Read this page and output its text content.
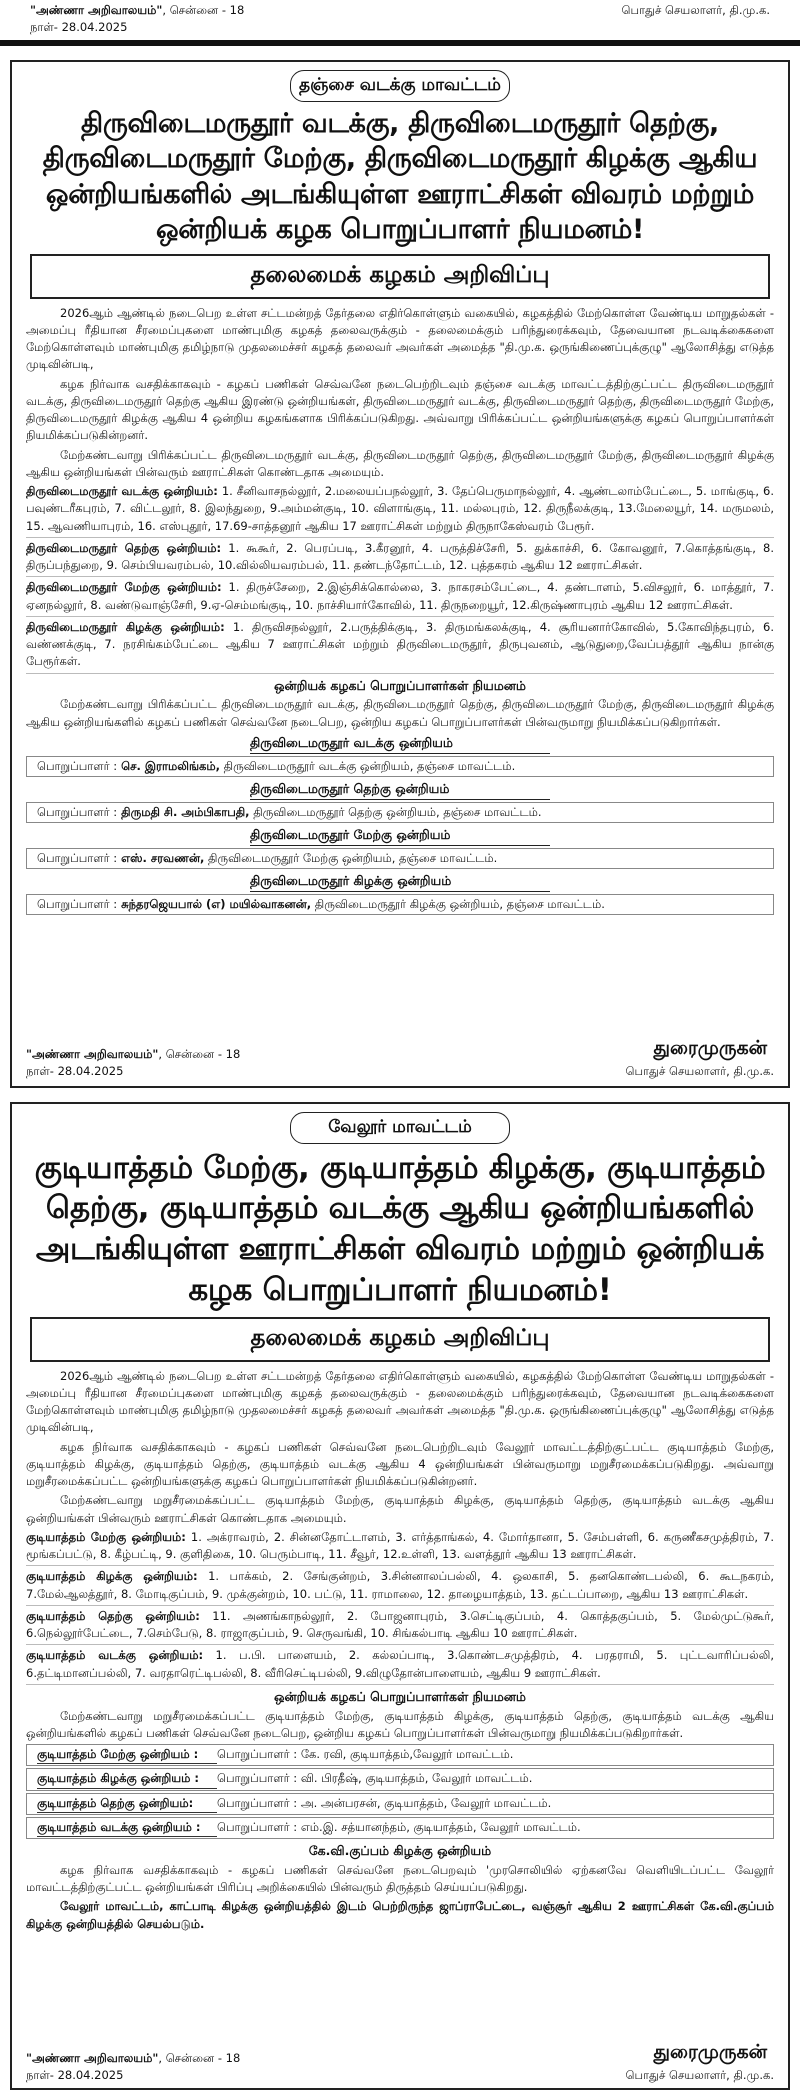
"அண்ணா அறிவாலயம்", சென்னை - 18	பொதுச் செயலாளர், தி.மு.க.
நாள்- 28.04.2025
தஞ்சை வடக்கு மாவட்டம்
திருவிடைமருதூர் வடக்கு, திருவிடைமருதூர் தெற்கு, திருவிடைமருதூர் மேற்கு, திருவிடைமருதூர் கிழக்கு ஆகிய ஒன்றியங்களில் அடங்கியுள்ள ஊராட்சிகள் விவரம் மற்றும் ஒன்றியக் கழக பொறுப்பாளர் நியமனம்!
தலைமைக் கழகம் அறிவிப்பு

2026ஆம் ஆண்டில் நடைபெற உள்ள சட்டமன்றத் தேர்தலை எதிர்கொள்ளும் வகையில், கழகத்தில் மேற்கொள்ள வேண்டிய மாறுதல்கள் - அமைப்பு ரீதியான சீரமைப்புகளை மாண்புமிகு கழகத் தலைவருக்கும் - தலைமைக்கும் பரிந்துரைக்கவும், தேவையான நடவடிக்கைகளை மேற்கொள்ளவும் மாண்புமிகு தமிழ்நாடு முதலமைச்சர் கழகத் தலைவர் அவர்கள் அமைத்த "தி.மு.க. ஒருங்கிணைப்புக்குழு" ஆலோசித்து எடுத்த முடிவின்படி,

கழக நிர்வாக வசதிக்காகவும் - கழகப் பணிகள் செவ்வனே நடைபெற்றிடவும் தஞ்சை வடக்கு மாவட்டத்திற்குட்பட்ட திருவிடைமருதூர் வடக்கு, திருவிடைமருதூர் தெற்கு ஆகிய இரண்டு ஒன்றியங்கள், திருவிடைமருதூர் வடக்கு, திருவிடைமருதூர் தெற்கு, திருவிடைமருதூர் மேற்கு, திருவிடைமருதூர் கிழக்கு ஆகிய 4 ஒன்றிய கழகங்களாக பிரிக்கப்படுகிறது. அவ்வாறு பிரிக்கப்பட்ட ஒன்றியங்களுக்கு கழகப் பொறுப்பாளர்கள் நியமிக்கப்படுகின்றனர்.

மேற்கண்டவாறு பிரிக்கப்பட்ட திருவிடைமருதூர் வடக்கு, திருவிடைமருதூர் தெற்கு, திருவிடைமருதூர் மேற்கு, திருவிடைமருதூர் கிழக்கு ஆகிய ஒன்றியங்கள் பின்வரும் ஊராட்சிகள் கொண்டதாக அமையும்.

திருவிடைமருதூர் வடக்கு ஒன்றியம்: 1. சீனிவாசநல்லூர், 2.மலையப்பநல்லூர், 3. தேப்பெருமாநல்லூர், 4. ஆண்டலாம்பேட்டை, 5. மாங்குடி, 6. பவுண்டரீகபுரம், 7. விட்டலூர், 8. இலந்துறை, 9.அம்மன்குடி, 10. விளாங்குடி, 11. மல்லபுரம், 12. திருநீலக்குடி, 13.மேலையூர், 14. மருமலம், 15. ஆவணியாபுரம், 16. எஸ்புதூர், 17.69-சாத்தனூர் ஆகிய 17 ஊராட்சிகள் மற்றும் திருநாகேஸ்வரம் பேரூர்.
திருவிடைமருதூர் தெற்கு ஒன்றியம்: 1. கூகூர், 2. பெரப்படி, 3.கீரனூர், 4. பருத்திச்சேரி, 5. துக்காச்சி, 6. கோவனூர், 7.கொத்தங்குடி, 8. திருப்பந்துறை, 9. செம்பியவரம்பல், 10.வில்லியவரம்பல், 11. தண்டந்தோட்டம், 12. புத்தகரம் ஆகிய 12 ஊராட்சிகள்.
திருவிடைமருதூர் மேற்கு ஒன்றியம்: 1. திருச்சேறை, 2.இஞ்சிக்கொல்லை, 3. நாகரசம்பேட்டை, 4. தண்டாளம், 5.விசலூர், 6. மாத்தூர், 7. ஏனநல்லூர், 8. வண்டுவாஞ்சேரி, 9.ஏ-செம்மங்குடி, 10. நாச்சியார்கோவில், 11. திருநறையூர், 12.கிருஷ்ணாபுரம் ஆகிய 12 ஊராட்சிகள்.
திருவிடைமருதூர் கிழக்கு ஒன்றியம்: 1. திருவிசநல்லூர், 2.பருத்திக்குடி, 3. திருமங்கலக்குடி, 4. சூரியனார்கோவில், 5.கோவிந்தபுரம், 6. வண்ணக்குடி, 7. நரசிங்கம்பேட்டை ஆகிய 7 ஊராட்சிகள் மற்றும் திருவிடைமருதூர், திருபுவனம், ஆடுதுறை,வேப்பத்தூர் ஆகிய நான்கு பேரூர்கள்.
ஒன்றியக் கழகப் பொறுப்பாளர்கள் நியமனம்

மேற்கண்டவாறு பிரிக்கப்பட்ட திருவிடைமருதூர் வடக்கு, திருவிடைமருதூர் தெற்கு, திருவிடைமருதூர் மேற்கு, திருவிடைமருதூர் கிழக்கு ஆகிய ஒன்றியங்களில் கழகப் பணிகள் செவ்வனே நடைபெற, ஒன்றிய கழகப் பொறுப்பாளர்கள் பின்வருமாறு நியமிக்கப்படுகிறார்கள்.

திருவிடைமருதூர் வடக்கு ஒன்றியம்
பொறுப்பாளர் : செ. இராமலிங்கம், திருவிடைமருதூர் வடக்கு ஒன்றியம், தஞ்சை மாவட்டம்.
திருவிடைமருதூர் தெற்கு ஒன்றியம்
பொறுப்பாளர் : திருமதி சி. அம்பிகாபதி, திருவிடைமருதூர் தெற்கு ஒன்றியம், தஞ்சை மாவட்டம்.
திருவிடைமருதூர் மேற்கு ஒன்றியம்
பொறுப்பாளர் : எஸ். சரவணன், திருவிடைமருதூர் மேற்கு ஒன்றியம், தஞ்சை மாவட்டம்.
திருவிடைமருதூர் கிழக்கு ஒன்றியம்
பொறுப்பாளர் : சுந்தரஜெயபால் (எ) மயில்வாகனன், திருவிடைமருதூர் கிழக்கு ஒன்றியம், தஞ்சை மாவட்டம்.
"அண்ணா அறிவாலயம்", சென்னை - 18
நாள்- 28.04.2025
துரைமுருகன்
பொதுச் செயலாளர், தி.மு.க.
வேலூர் மாவட்டம்
குடியாத்தம் மேற்கு, குடியாத்தம் கிழக்கு, குடியாத்தம் தெற்கு, குடியாத்தம் வடக்கு ஆகிய ஒன்றியங்களில் அடங்கியுள்ள ஊராட்சிகள் விவரம் மற்றும் ஒன்றியக் கழக பொறுப்பாளர் நியமனம்!
தலைமைக் கழகம் அறிவிப்பு

2026ஆம் ஆண்டில் நடைபெற உள்ள சட்டமன்றத் தேர்தலை எதிர்கொள்ளும் வகையில், கழகத்தில் மேற்கொள்ள வேண்டிய மாறுதல்கள் - அமைப்பு ரீதியான சீரமைப்புகளை மாண்புமிகு கழகத் தலைவருக்கும் - தலைமைக்கும் பரிந்துரைக்கவும், தேவையான நடவடிக்கைகளை மேற்கொள்ளவும் மாண்புமிகு தமிழ்நாடு முதலமைச்சர் கழகத் தலைவர் அவர்கள் அமைத்த "தி.மு.க. ஒருங்கிணைப்புக்குழு" ஆலோசித்து எடுத்த முடிவின்படி,

கழக நிர்வாக வசதிக்காகவும் - கழகப் பணிகள் செவ்வனே நடைபெற்றிடவும் வேலூர் மாவட்டத்திற்குட்பட்ட குடியாத்தம் மேற்கு, குடியாத்தம் கிழக்கு, குடியாத்தம் தெற்கு, குடியாத்தம் வடக்கு ஆகிய 4 ஒன்றியங்கள் பின்வருமாறு மறுசீரமைக்கப்படுகிறது. அவ்வாறு மறுசீரமைக்கப்பட்ட ஒன்றியங்களுக்கு கழகப் பொறுப்பாளர்கள் நியமிக்கப்படுகின்றனர்.

மேற்கண்டவாறு மறுசீரமைக்கப்பட்ட குடியாத்தம் மேற்கு, குடியாத்தம் கிழக்கு, குடியாத்தம் தெற்கு, குடியாத்தம் வடக்கு ஆகிய ஒன்றியங்கள் பின்வரும் ஊராட்சிகள் கொண்டதாக அமையும்.

குடியாத்தம் மேற்கு ஒன்றியம்: 1. அக்ராவரம், 2. சின்னதோட்டாளம், 3. எர்த்தாங்கல், 4. மோர்தானா, 5. சேம்பள்ளி, 6. கருணீகசமுத்திரம், 7. மூங்கப்பட்டு, 8. கீழ்பட்டி, 9. குளிதிகை, 10. பெரும்பாடி, 11. சீவூர், 12.உள்ளி, 13. வளத்தூர் ஆகிய 13 ஊராட்சிகள்.
குடியாத்தம் கிழக்கு ஒன்றியம்: 1. பாக்கம், 2. சேங்குன்றம், 3.சின்னாலப்பல்லி, 4. ஒலகாசி, 5. தனகொண்டபல்லி, 6. கூடநகரம், 7.மேல்ஆலத்தூர், 8. மோடிகுப்பம், 9. முக்குன்றம், 10. பட்டு, 11. ராமாலை, 12. தாழையாத்தம், 13. தட்டப்பாறை, ஆகிய 13 ஊராட்சிகள்.
குடியாத்தம் தெற்கு ஒன்றியம்: 11. அணங்காநல்லூர், 2. போஜனாபுரம், 3.செட்டிகுப்பம், 4. கொத்தகுப்பம், 5. மேல்முட்டுகூர், 6.நெல்லூர்பேட்டை, 7.செம்பேடு, 8. ராஜாகுப்பம், 9. செருவங்கி, 10. சிங்கல்பாடி ஆகிய 10 ஊராட்சிகள்.
குடியாத்தம் வடக்கு ஒன்றியம்: 1. ப.பி. பாளையம், 2. கல்லப்பாடி, 3.கொண்டசமுத்திரம், 4. பரதராமி, 5. புட்டவாரிப்பல்லி, 6.தட்டிமானப்பல்லி, 7. வரதாரெட்டிபல்லி, 8. வீரிசெட்டிபல்லி, 9.விழுதோன்பாளையம், ஆகிய 9 ஊராட்சிகள்.
ஒன்றியக் கழகப் பொறுப்பாளர்கள் நியமனம்

மேற்கண்டவாறு மறுசீரமைக்கப்பட்ட குடியாத்தம் மேற்கு, குடியாத்தம் கிழக்கு, குடியாத்தம் தெற்கு, குடியாத்தம் வடக்கு ஆகிய ஒன்றியங்களில் கழகப் பணிகள் செவ்வனே நடைபெற, ஒன்றிய கழகப் பொறுப்பாளர்கள் பின்வருமாறு நியமிக்கப்படுகிறார்கள்.

குடியாத்தம் மேற்கு ஒன்றியம் :	பொறுப்பாளர் : கே. ரவி, குடியாத்தம்,வேலூர் மாவட்டம்.
குடியாத்தம் கிழக்கு ஒன்றியம் :	பொறுப்பாளர் : வி. பிரதீஷ், குடியாத்தம், வேலூர் மாவட்டம்.
குடியாத்தம் தெற்கு ஒன்றியம்:	பொறுப்பாளர் : அ. அன்பரசன், குடியாத்தம், வேலூர் மாவட்டம்.
குடியாத்தம் வடக்கு ஒன்றியம் :	பொறுப்பாளர் : எம்.இ. சத்யானந்தம், குடியாத்தம், வேலூர் மாவட்டம்.
கே.வி.குப்பம் கிழக்கு ஒன்றியம்

கழக நிர்வாக வசதிக்காகவும் - கழகப் பணிகள் செவ்வனே நடைபெறவும் 'முரசொலியில் ஏற்கனவே வெளியிடப்பட்ட வேலூர் மாவட்டத்திற்குட்பட்ட ஒன்றியங்கள் பிரிப்பு அறிக்கையில் பின்வரும் திருத்தம் செய்யப்படுகிறது.

வேலூர் மாவட்டம், காட்பாடி கிழக்கு ஒன்றியத்தில் இடம் பெற்றிருந்த ஜாப்ராபேட்டை, வஞ்சூர் ஆகிய 2 ஊராட்சிகள் கே.வி.குப்பம் கிழக்கு ஒன்றியத்தில் செயல்படும்.

"அண்ணா அறிவாலயம்", சென்னை - 18
நாள்- 28.04.2025
துரைமுருகன்
பொதுச் செயலாளர், தி.மு.க.
